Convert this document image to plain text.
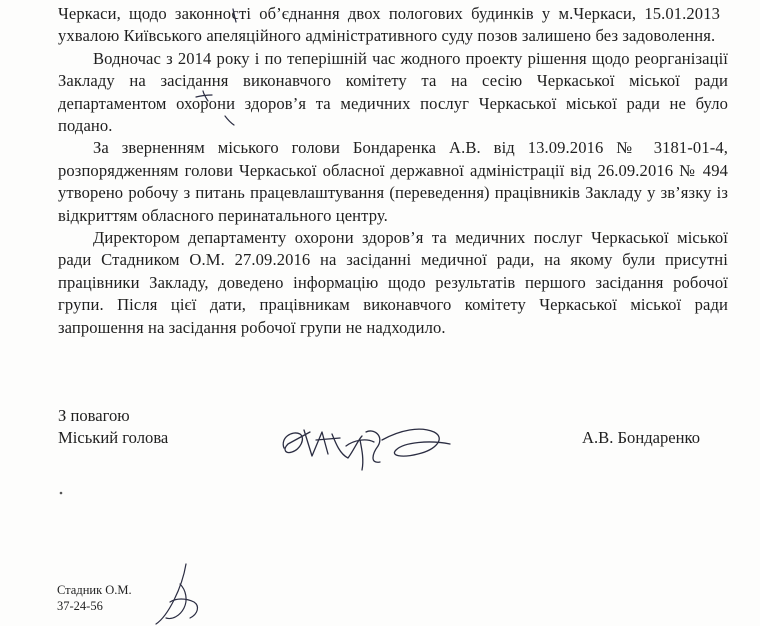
Черкаси, щодо законності об’єднання двох пологових будинків у м.Черкаси, 15.01.2013 ухвалою Київського апеляційного адміністративного суду позов залишено без задоволення.

Водночас з 2014 року і по теперішній час жодного проекту рішення щодо реорганізації Закладу на засідання виконавчого комітету та на сесію Черкаської міської ради департаментом охорони здоров’я та медичних послуг Черкаської міської ради не було подано.

За зверненням міського голови Бондаренка А.В. від 13.09.2016 № 3181-01-4, розпорядженням голови Черкаської обласної державної адміністрації від 26.09.2016 № 494 утворено робочу з питань працевлаштування (переведення) працівників Закладу у зв’язку із відкриттям обласного перинатального центру.

Директором департаменту охорони здоров’я та медичних послуг Черкаської міської ради Стадником О.М. 27.09.2016 на засіданні медичної ради, на якому були присутні працівники Закладу, доведено інформацію щодо результатів першого засідання робочої групи. Після цієї дати, працівникам виконавчого комітету Черкаської міської ради запрошення на засідання робочої групи не надходило.

З повагою
Міський голова	А.В. Бондаренко
Стадник О.М.
37-24-56
